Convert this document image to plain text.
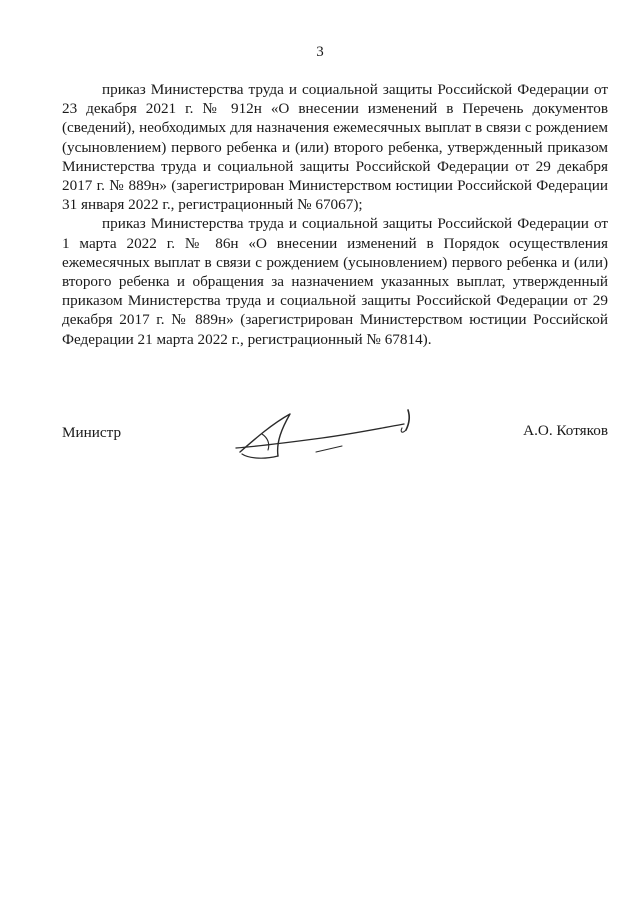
3

приказ Министерства труда и социальной защиты Российской Федерации от 23 декабря 2021 г. № 912н «О внесении изменений в Перечень документов (сведений), необходимых для назначения ежемесячных выплат в связи с рождением (усыновлением) первого ребенка и (или) второго ребенка, утвержденный приказом Министерства труда и социальной защиты Российской Федерации от 29 декабря 2017 г. № 889н» (зарегистрирован Министерством юстиции Российской Федерации 31 января 2022 г., регистрационный № 67067);

приказ Министерства труда и социальной защиты Российской Федерации от 1 марта 2022 г. № 86н «О внесении изменений в Порядок осуществления ежемесячных выплат в связи с рождением (усыновлением) первого ребенка и (или) второго ребенка и обращения за назначением указанных выплат, утвержденный приказом Министерства труда и социальной защиты Российской Федерации от 29 декабря 2017 г. № 889н» (зарегистрирован Министерством юстиции Российской Федерации 21 марта 2022 г., регистрационный № 67814).

Министр	А.О. Котяков
